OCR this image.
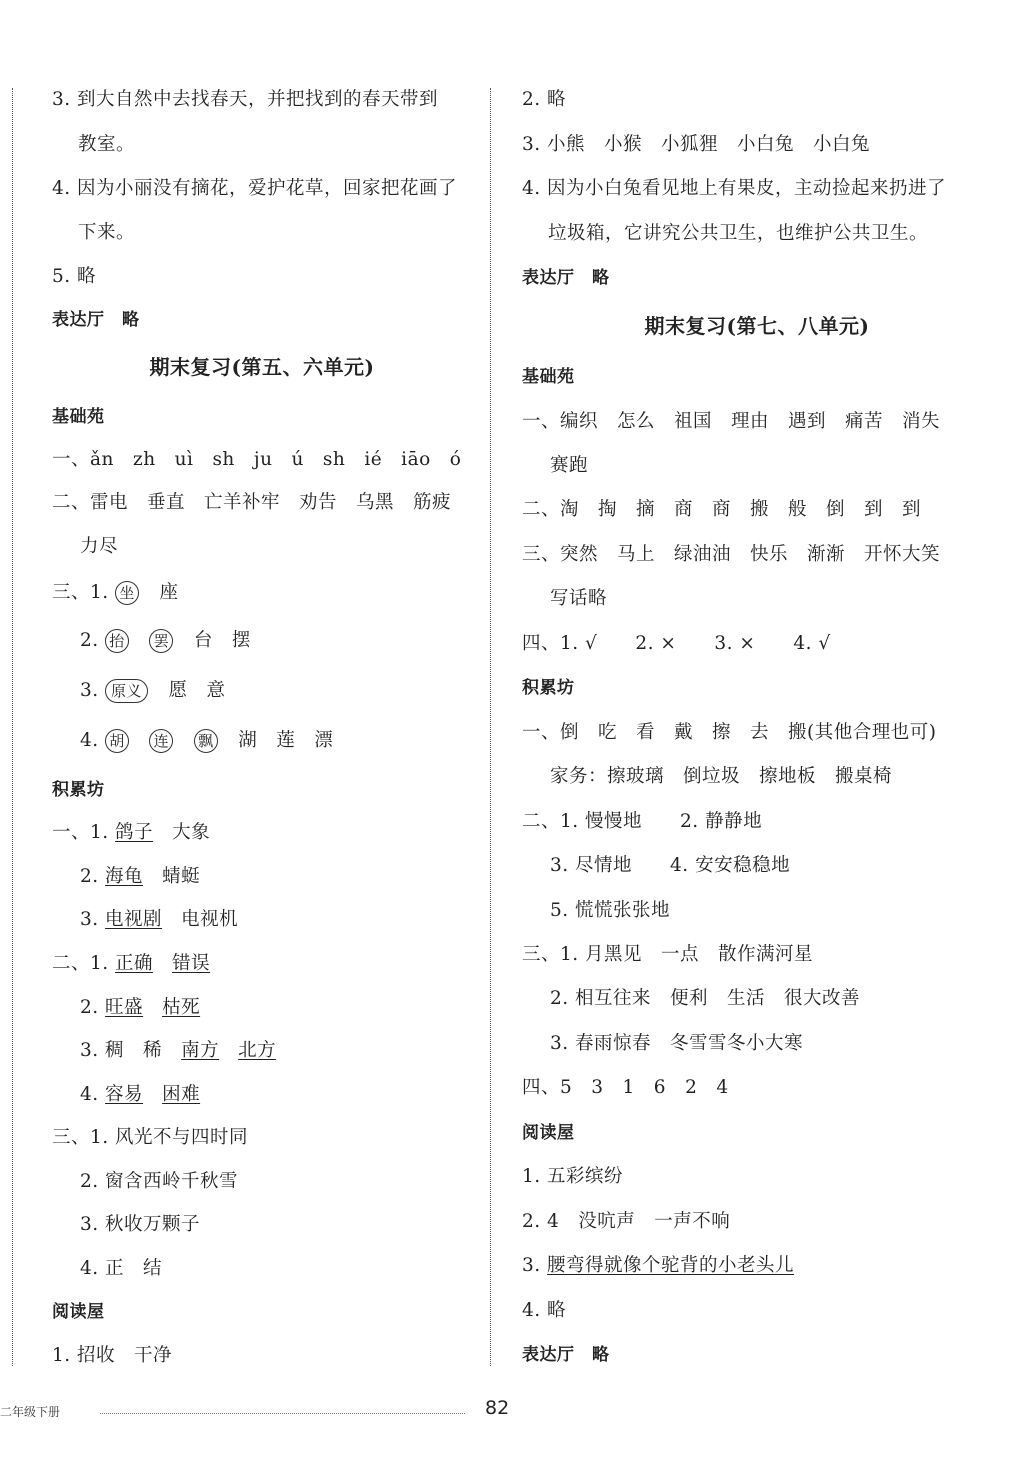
3. 到大自然中去找春天，并把找到的春天带到
教室。
4. 因为小丽没有摘花，爱护花草，回家把花画了
下来。
5. 略
表达厅　略
期末复习(第五、六单元)
基础苑
一、ǎn　zh　uì　sh　ju　ú　sh　ié　iāo　ó
二、雷电　垂直　亡羊补牢　劝告　乌黑　筋疲
力尽
三、1. 坐 座
2. 抬 罢 台　摆
3. 原义 愿　意
4. 胡 连 飘 湖　莲　漂
积累坊
一、1. 鸽子　 大象
2. 海龟　 蜻蜓
3. 电视剧　 电视机
二、1. 正确　 错误
2. 旺盛　 枯死
3. 稠　稀　 南方　 北方
4. 容易　 困难
三、1. 风光不与四时同
2. 窗含西岭千秋雪
3. 秋收万颗子
4. 正　结
阅读屋
1. 招收　干净
2. 略
3. 小熊　小猴　小狐狸　小白兔　小白兔
4. 因为小白兔看见地上有果皮，主动捡起来扔进了
垃圾箱，它讲究公共卫生，也维护公共卫生。
表达厅　略
期末复习(第七、八单元)
基础苑
一、编织　怎么　祖国　理由　遇到　痛苦　消失
赛跑
二、淘　掏　摘　商　商　搬　般　倒　到　到
三、突然　马上　绿油油　快乐　渐渐　开怀大笑
写话略
四、1. √　　2. ×　　3. ×　　4. √
积累坊
一、倒　吃　看　戴　擦　去　搬(其他合理也可)
家务：擦玻璃　倒垃圾　擦地板　搬桌椅
二、1. 慢慢地　　2. 静静地
3. 尽情地　　4. 安安稳稳地
5. 慌慌张张地
三、1. 月黑见　一点　散作满河星
2. 相互往来　便利　生活　很大改善
3. 春雨惊春　冬雪雪冬小大寒
四、5　3　1　6　2　4
阅读屋
1. 五彩缤纷
2. 4　没吭声　一声不响
3. 腰弯得就像个驼背的小老头儿
4. 略
表达厅　略
二年级下册	82
